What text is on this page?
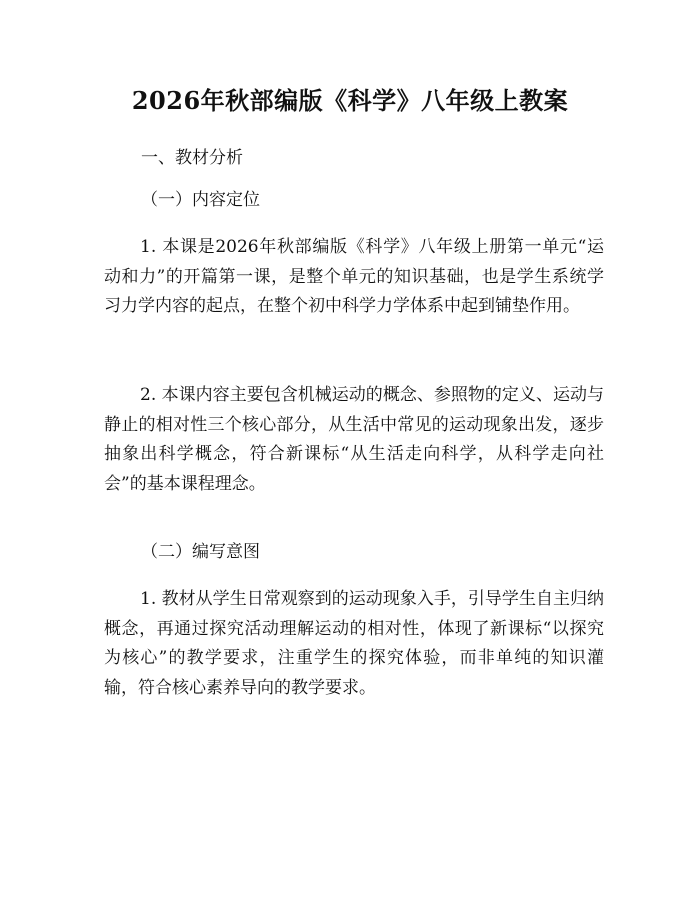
2026年秋部编版《科学》八年级上教案

一、教材分析

（一）内容定位

1. 本课是2026年秋部编版《科学》八年级上册第一单元“运动和力”的开篇第一课，是整个单元的知识基础，也是学生系统学习力学内容的起点，在整个初中科学力学体系中起到铺垫作用。

2. 本课内容主要包含机械运动的概念、参照物的定义、运动与静止的相对性三个核心部分，从生活中常见的运动现象出发，逐步抽象出科学概念，符合新课标“从生活走向科学，从科学走向社会”的基本课程理念。

（二）编写意图

1. 教材从学生日常观察到的运动现象入手，引导学生自主归纳概念，再通过探究活动理解运动的相对性，体现了新课标“以探究为核心”的教学要求，注重学生的探究体验，而非单纯的知识灌输，符合核心素养导向的教学要求。
